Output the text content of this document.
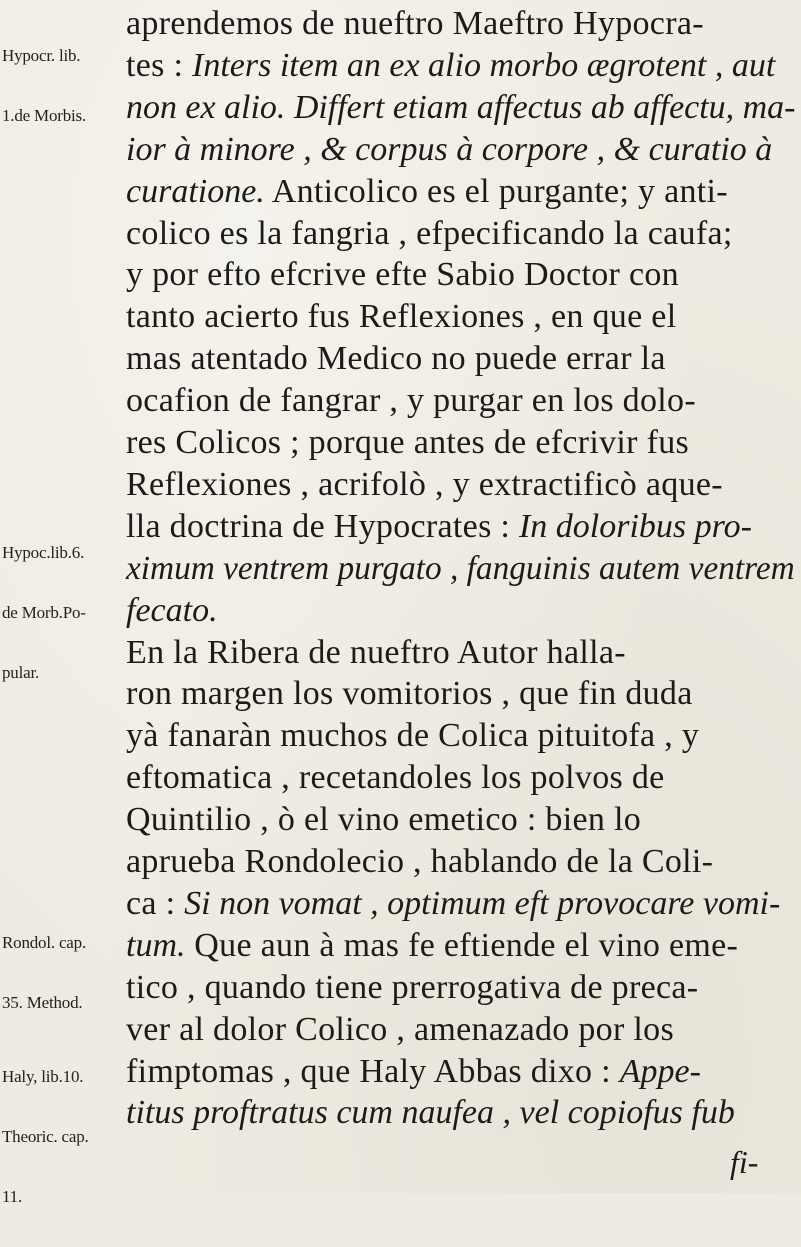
Hypocr. lib.

1.de Morbis.

Hypoc.lib.6.

de Morb.Po-

pular.

Rondol. cap.

35. Method.

Haly, lib.10.

Theoric. cap.

11.

aprendemos de nueftro Maeftro Hypocra-
tes : Inters item an ex alio morbo ægrotent , aut
non ex alio. Differt etiam affectus ab affectu, ma-
ior à minore , & corpus à corpore , & curatio à
curatione. Anticolico es el purgante; y anti-
colico es la fangria , efpecificando la caufa;
y por efto efcrive efte Sabio Doctor con
tanto acierto fus Reflexiones , en que el
mas atentado Medico no puede errar la
ocafion de fangrar , y purgar en los dolo-
res Colicos ; porque antes de efcrivir fus
Reflexiones , acrifolò , y extractificò aque-
lla doctrina de Hypocrates : In doloribus pro-
ximum ventrem purgato , fanguinis autem ventrem
fecato.
En la Ribera de nueftro Autor halla-
ron margen los vomitorios , que fin duda
yà fanaràn muchos de Colica pituitofa , y
eftomatica , recetandoles los polvos de
Quintilio , ò el vino emetico : bien lo
aprueba Rondolecio , hablando de la Coli-
ca : Si non vomat , optimum eft provocare vomi-
tum. Que aun à mas fe eftiende el vino eme-
tico , quando tiene prerrogativa de preca-
ver al dolor Colico , amenazado por los
fimptomas , que Haly Abbas dixo : Appe-
titus proftratus cum naufea , vel copiofus fub
fi-
